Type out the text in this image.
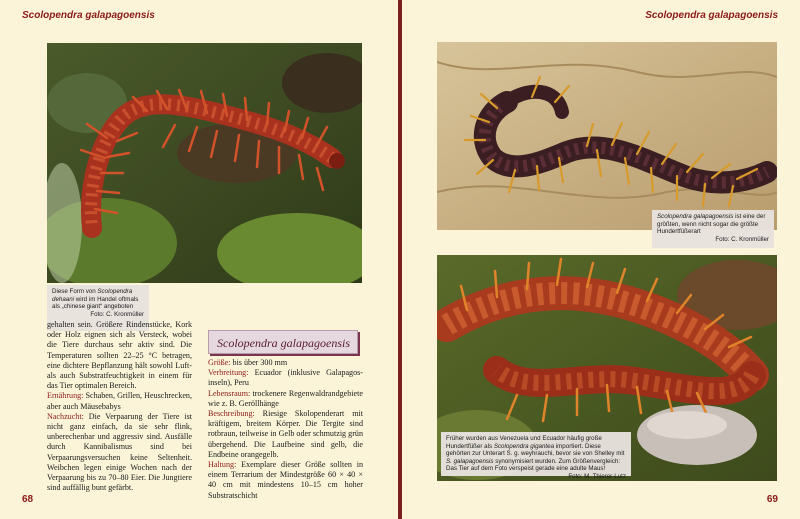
Scolopendra galapagoensis
Diese Form von Scolopendra dehaani wird im Handel oftmals als „chinese giant“ angeboten
Foto: C. Kronmüller

gehalten sein. Größere Rindenstücke, Kork oder Holz eignen sich als Versteck, wobei die Tiere durchaus sehr aktiv sind. Die Temperaturen sollten 22–25 °C betragen, eine dichtere Bepflanzung hält sowohl Luft- als auch Substratfeuchtigkeit in einem für das Tier optimalen Bereich.

Ernährung: Schaben, Grillen, Heuschrecken, aber auch Mäusebabys

Nachzucht: Die Verpaarung der Tiere ist nicht ganz einfach, da sie sehr flink, unberechenbar und aggressiv sind. Ausfälle durch Kannibalismus sind bei Verpaarungsversuchen keine Seltenheit. Weibchen legen einige Wochen nach der Verpaarung bis zu 70–80 Eier. Die Jungtiere sind auffällig bunt gefärbt.

Scolopendra galapagoensis

Größe: bis über 300 mm

Verbreitung: Ecuador (inklusive Galapagos-inseln), Peru

Lebensraum: trockenere Regenwaldrandgebiete wie z. B. Geröllhänge

Beschreibung: Riesige Skolopenderart mit kräftigem, breitem Körper. Die Tergite sind rotbraun, teilweise in Gelb oder schmutzig grün übergehend. Die Laufbeine sind gelb, die Endbeine orangegelb.

Haltung: Exemplare dieser Größe sollten in einem Terrarium der Mindestgröße 60 × 40 × 40 cm mit mindestens 10–15 cm hoher Substratschicht

68
Scolopendra galapagoensis
Scolopendra galapagoensis ist eine der größten, wenn nicht sogar die größte Hundertfüßerart
Foto: C. Kronmüller
Früher wurden aus Venezuela und Ecuador häufig große Hundertfüßer als Scolopendra gigantea importiert. Diese gehörten zur Unterart S. g. weyhrauchi, bevor sie von Shelley mit S. galapagoensis synonymisiert wurden. Zum Größenvergleich: Das Tier auf dem Foto verspeist gerade eine adulte Maus!
Foto: M. Thierer-Lutz
69
